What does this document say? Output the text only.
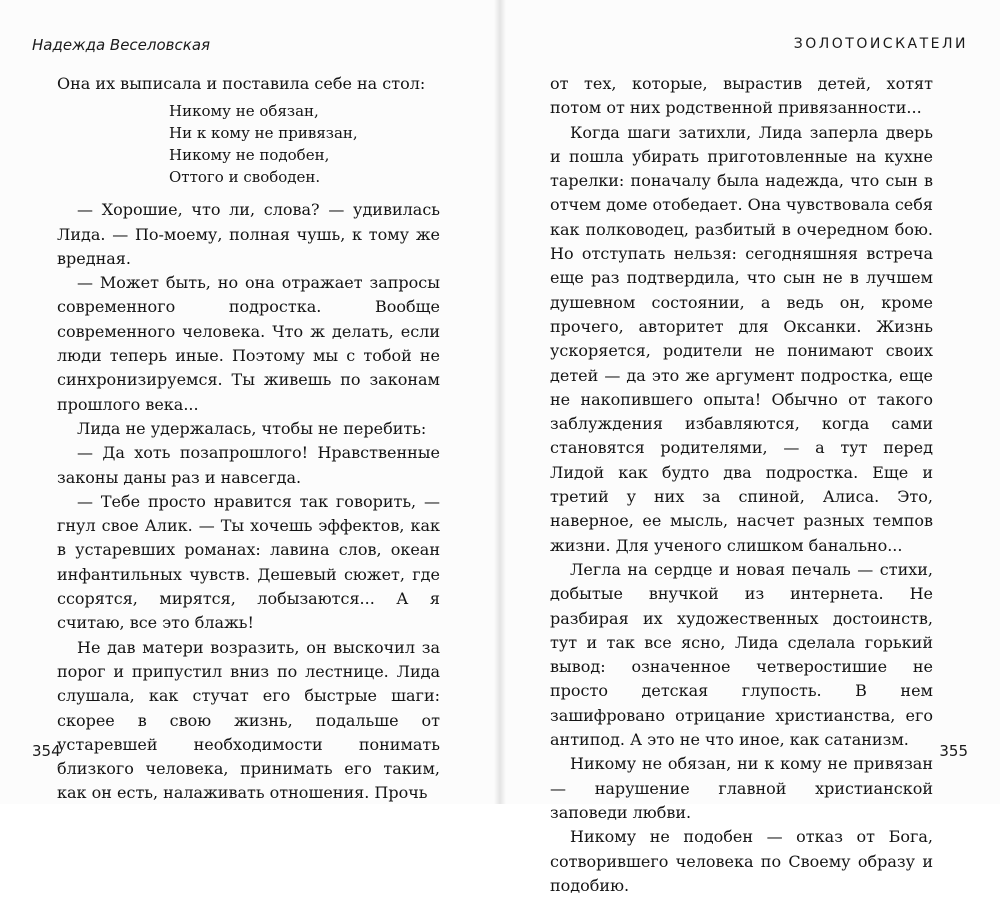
Надежда Веселовская

Она их выписала и поставила себе на стол:

Никому не обязан,
Ни к кому не привязан,
Никому не подобен,
Оттого и свободен.

— Хорошие, что ли, слова? — удивилась Лида. — По-моему, полная чушь, к тому же вредная.

— Может быть, но она отражает запросы современного подростка. Вообще современного человека. Что ж делать, если люди теперь иные. Поэтому мы с тобой не синхронизируемся. Ты живешь по законам прошлого века...

Лида не удержалась, чтобы не перебить:

— Да хоть позапрошлого! Нравственные законы даны раз и навсегда.

— Тебе просто нравится так говорить, — гнул свое Алик. — Ты хочешь эффектов, как в устаревших романах: лавина слов, океан инфантильных чувств. Дешевый сюжет, где ссорятся, мирятся, лобызаются... А я считаю, все это блажь!

Не дав матери возразить, он выскочил за порог и припустил вниз по лестнице. Лида слушала, как стучат его быстрые шаги: скорее в свою жизнь, подальше от устаревшей необходимости понимать близкого человека, принимать его таким, как он есть, налаживать отношения. Прочь

354
ЗОЛОТОИСКАТЕЛИ

от тех, которые, вырастив детей, хотят потом от них родственной привязанности...

Когда шаги затихли, Лида заперла дверь и пошла убирать приготовленные на кухне тарелки: поначалу была надежда, что сын в отчем доме отобедает. Она чувствовала себя как полководец, разбитый в очередном бою. Но отступать нельзя: сегодняшняя встреча еще раз подтвердила, что сын не в лучшем душевном состоянии, а ведь он, кроме прочего, авторитет для Оксанки. Жизнь ускоряется, родители не понимают своих детей — да это же аргумент подростка, еще не накопившего опыта! Обычно от такого заблуждения избавляются, когда сами становятся родителями, — а тут перед Лидой как будто два подростка. Еще и третий у них за спиной, Алиса. Это, наверное, ее мысль, насчет разных темпов жизни. Для ученого слишком банально...

Легла на сердце и новая печаль — стихи, добытые внучкой из интернета. Не разбирая их художественных достоинств, тут и так все ясно, Лида сделала горький вывод: означенное четверостишие не просто детская глупость. В нем зашифровано отрицание христианства, его антипод. А это не что иное, как сатанизм.

Никому не обязан, ни к кому не привязан — нарушение главной христианской заповеди любви.

Никому не подобен — отказ от Бога, сотворившего человека по Своему образу и подобию.

355
